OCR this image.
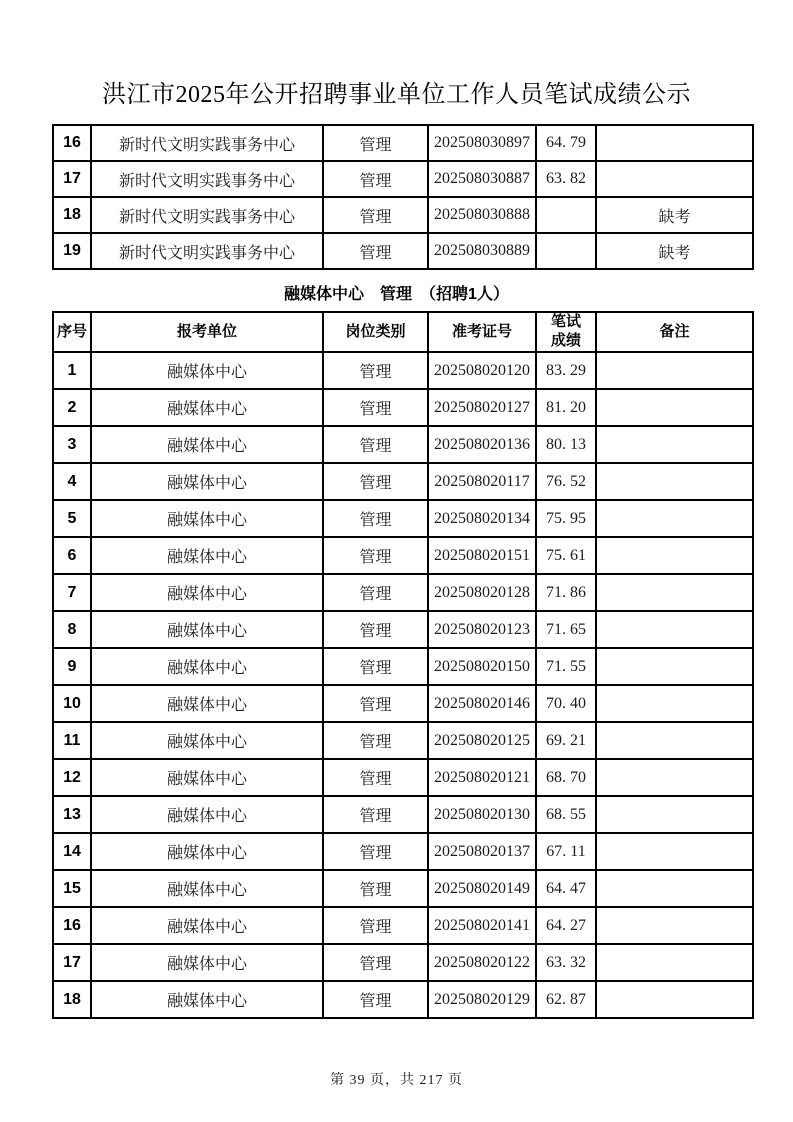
洪江市2025年公开招聘事业单位工作人员笔试成绩公示
16	新时代文明实践事务中心	管理	202508030897	64. 79	
17	新时代文明实践事务中心	管理	202508030887	63. 82	
18	新时代文明实践事务中心	管理	202508030888		缺考
19	新时代文明实践事务中心	管理	202508030889		缺考
融媒体中心　管理　（招聘1人）
序号	报考单位	岗位类别	准考证号	笔试
成绩	备注
1	融媒体中心	管理	202508020120	83. 29	
2	融媒体中心	管理	202508020127	81. 20	
3	融媒体中心	管理	202508020136	80. 13	
4	融媒体中心	管理	202508020117	76. 52	
5	融媒体中心	管理	202508020134	75. 95	
6	融媒体中心	管理	202508020151	75. 61	
7	融媒体中心	管理	202508020128	71. 86	
8	融媒体中心	管理	202508020123	71. 65	
9	融媒体中心	管理	202508020150	71. 55	
10	融媒体中心	管理	202508020146	70. 40	
11	融媒体中心	管理	202508020125	69. 21	
12	融媒体中心	管理	202508020121	68. 70	
13	融媒体中心	管理	202508020130	68. 55	
14	融媒体中心	管理	202508020137	67. 11	
15	融媒体中心	管理	202508020149	64. 47	
16	融媒体中心	管理	202508020141	64. 27	
17	融媒体中心	管理	202508020122	63. 32	
18	融媒体中心	管理	202508020129	62. 87	
第 39 页，共 217 页
